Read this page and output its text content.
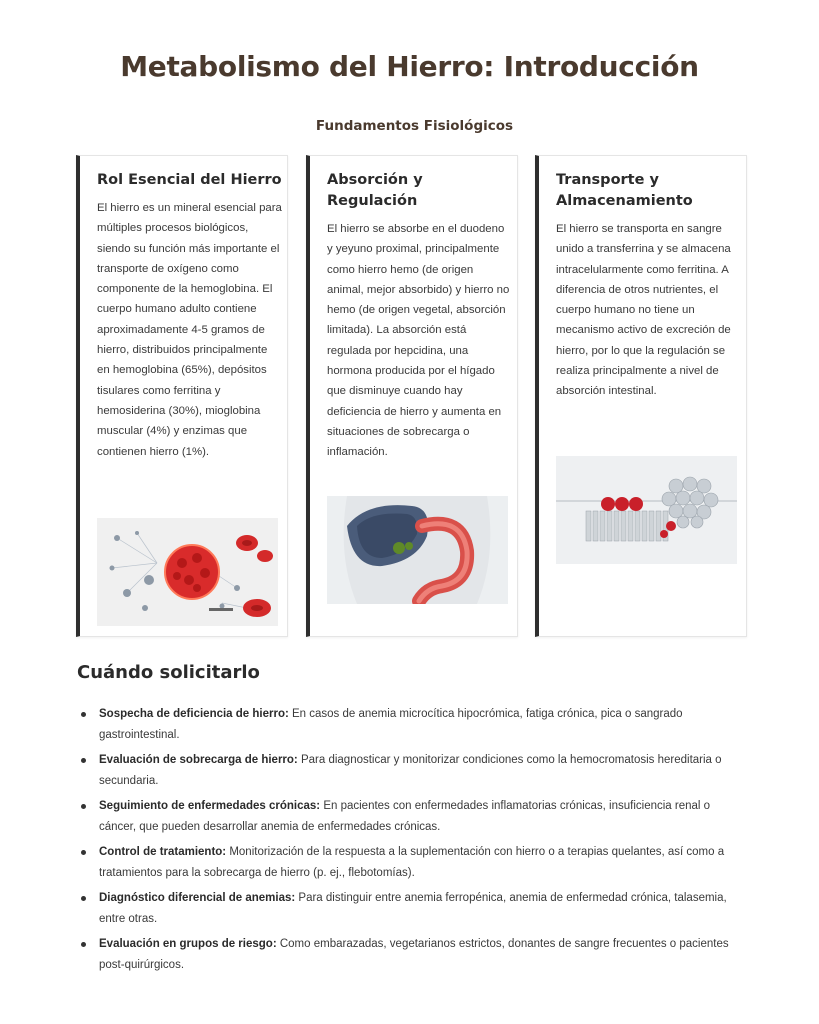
Metabolismo del Hierro: Introducción
Fundamentos Fisiológicos
Rol Esencial del Hierro

El hierro es un mineral esencial para múltiples procesos biológicos, siendo su función más importante el transporte de oxígeno como componente de la hemoglobina. El cuerpo humano adulto contiene aproximadamente 4-5 gramos de hierro, distribuidos principalmente en hemoglobina (65%), depósitos tisulares como ferritina y hemosiderina (30%), mioglobina muscular (4%) y enzimas que contienen hierro (1%).

Absorción y Regulación

El hierro se absorbe en el duodeno y yeyuno proximal, principalmente como hierro hemo (de origen animal, mejor absorbido) y hierro no hemo (de origen vegetal, absorción limitada). La absorción está regulada por hepcidina, una hormona producida por el hígado que disminuye cuando hay deficiencia de hierro y aumenta en situaciones de sobrecarga o inflamación.

Transporte y Almacenamiento

El hierro se transporta en sangre unido a transferrina y se almacena intracelularmente como ferritina. A diferencia de otros nutrientes, el cuerpo humano no tiene un mecanismo activo de excreción de hierro, por lo que la regulación se realiza principalmente a nivel de absorción intestinal.

Cuándo solicitarlo
Sospecha de deficiencia de hierro: En casos de anemia microcítica hipocrómica, fatiga crónica, pica o sangrado gastrointestinal.
Evaluación de sobrecarga de hierro: Para diagnosticar y monitorizar condiciones como la hemocromatosis hereditaria o secundaria.
Seguimiento de enfermedades crónicas: En pacientes con enfermedades inflamatorias crónicas, insuficiencia renal o cáncer, que pueden desarrollar anemia de enfermedades crónicas.
Control de tratamiento: Monitorización de la respuesta a la suplementación con hierro o a terapias quelantes, así como a tratamientos para la sobrecarga de hierro (p. ej., flebotomías).
Diagnóstico diferencial de anemias: Para distinguir entre anemia ferropénica, anemia de enfermedad crónica, talasemia, entre otras.
Evaluación en grupos de riesgo: Como embarazadas, vegetarianos estrictos, donantes de sangre frecuentes o pacientes post-quirúrgicos.
